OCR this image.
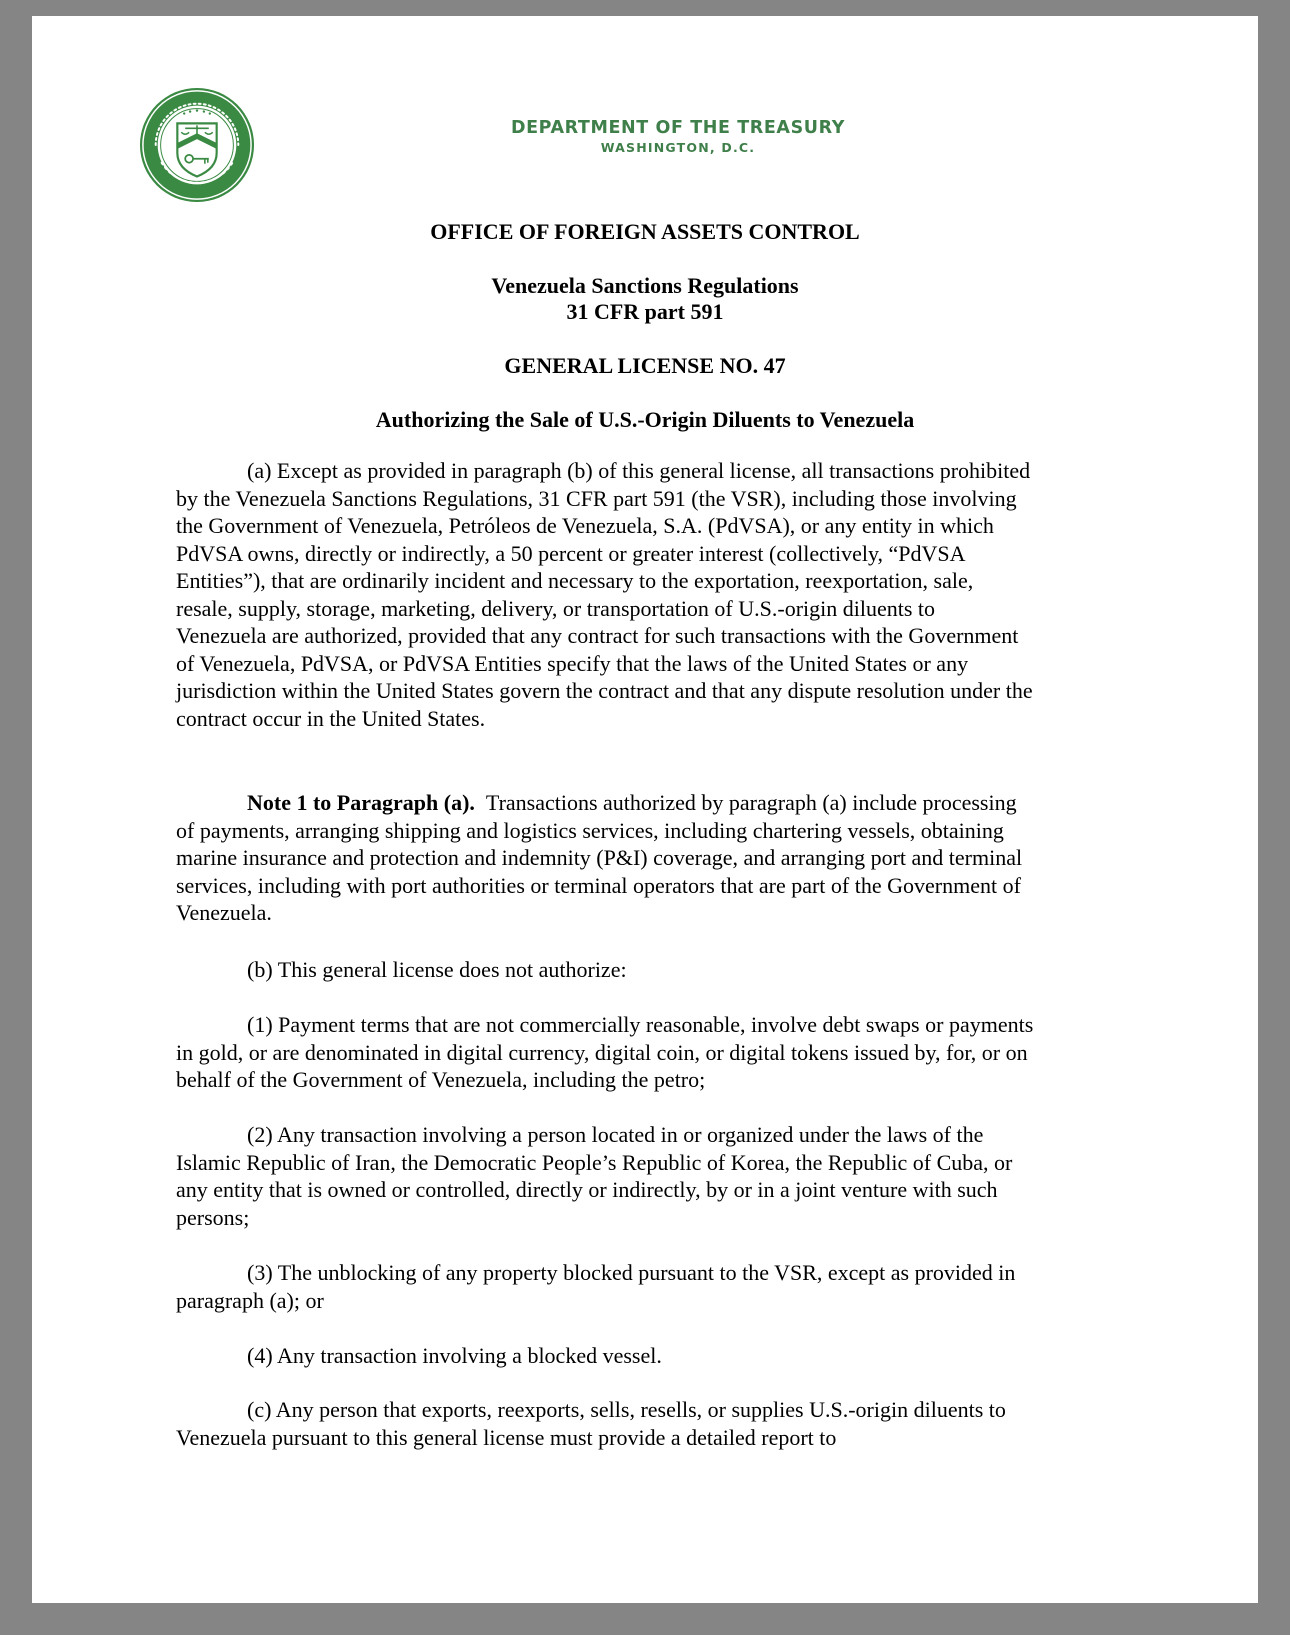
DEPARTMENT OF THE TREASURY
WASHINGTON, D.C.
OFFICE OF FOREIGN ASSETS CONTROL
Venezuela Sanctions Regulations
31 CFR part 591
GENERAL LICENSE NO. 47
Authorizing the Sale of U.S.-Origin Diluents to Venezuela
(a) Except as provided in paragraph (b) of this general license, all transactions prohibited
by the Venezuela Sanctions Regulations, 31 CFR part 591 (the VSR), including those involving
the Government of Venezuela, Petróleos de Venezuela, S.A. (PdVSA), or any entity in which
PdVSA owns, directly or indirectly, a 50 percent or greater interest (collectively, “PdVSA
Entities”), that are ordinarily incident and necessary to the exportation, reexportation, sale,
resale, supply, storage, marketing, delivery, or transportation of U.S.-origin diluents to
Venezuela are authorized, provided that any contract for such transactions with the Government
of Venezuela, PdVSA, or PdVSA Entities specify that the laws of the United States or any
jurisdiction within the United States govern the contract and that any dispute resolution under the
contract occur in the United States.
Note 1 to Paragraph (a). Transactions authorized by paragraph (a) include processing
of payments, arranging shipping and logistics services, including chartering vessels, obtaining
marine insurance and protection and indemnity (P&I) coverage, and arranging port and terminal
services, including with port authorities or terminal operators that are part of the Government of
Venezuela.
(b) This general license does not authorize:
(1) Payment terms that are not commercially reasonable, involve debt swaps or payments
in gold, or are denominated in digital currency, digital coin, or digital tokens issued by, for, or on
behalf of the Government of Venezuela, including the petro;
(2) Any transaction involving a person located in or organized under the laws of the
Islamic Republic of Iran, the Democratic People’s Republic of Korea, the Republic of Cuba, or
any entity that is owned or controlled, directly or indirectly, by or in a joint venture with such
persons;
(3) The unblocking of any property blocked pursuant to the VSR, except as provided in
paragraph (a); or
(4) Any transaction involving a blocked vessel.
(c) Any person that exports, reexports, sells, resells, or supplies U.S.-origin diluents to
Venezuela pursuant to this general license must provide a detailed report to
